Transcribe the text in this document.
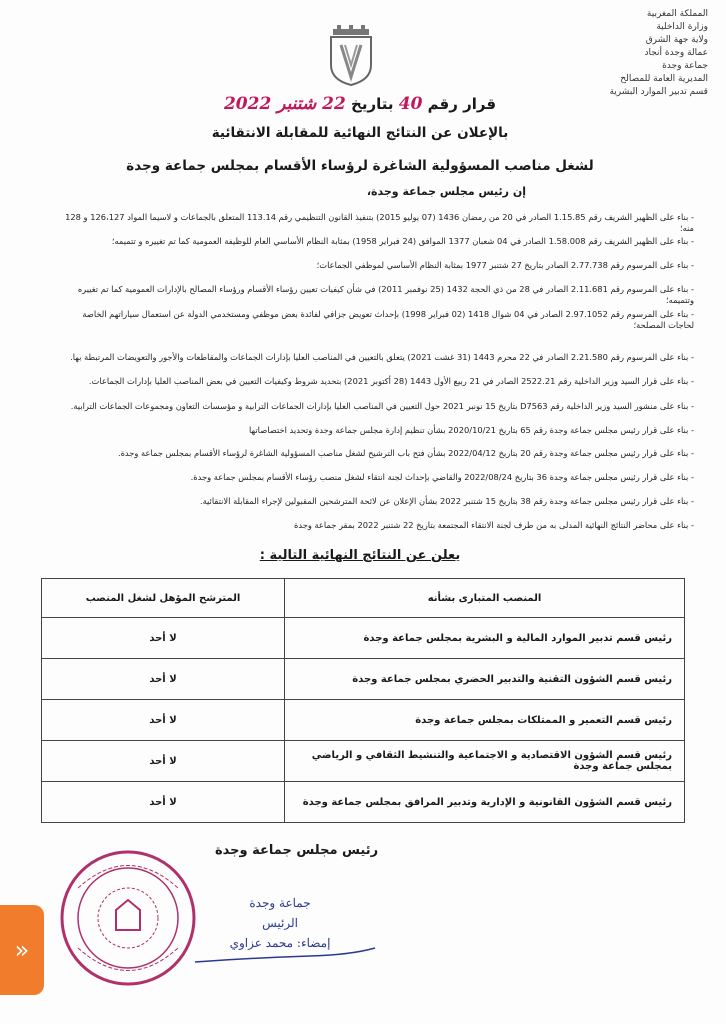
المملكة المغربية
وزارة الداخلية
ولاية جهة الشرق
عمالة وجدة أنجاد
جماعة وجدة
المديرية العامة للمصالح
قسم تدبير الموارد البشرية
قرار رقم 40 بتاريخ 22 شتنبر 2022
بالإعلان عن النتائج النهائية للمقابلة الانتقائية
لشغل مناصب المسؤولية الشاغرة لرؤساء الأقسام بمجلس جماعة وجدة
إن رئيس مجلس جماعة وجدة،
- بناء على الظهير الشريف رقم 1.15.85 الصادر في 20 من رمضان 1436 (07 يوليو 2015) بتنفيذ القانون التنظيمي رقم 113.14 المتعلق بالجماعات و لاسيما المواد 126،127 و 128 منه؛
- بناء على الظهير الشريف رقم 1.58.008 الصادر في 04 شعبان 1377 الموافق (24 فبراير 1958) بمثابة النظام الأساسي العام للوظيفة العمومية كما تم تغييره و تتميمه؛
- بناء على المرسوم رقم 2.77.738 الصادر بتاريخ 27 شتنبر 1977 بمثابة النظام الأساسي لموظفي الجماعات؛
- بناء على المرسوم رقم 2.11.681 الصادر في 28 من ذي الحجة 1432 (25 نوفمبر 2011) في شأن كيفيات تعيين رؤساء الأقسام ورؤساء المصالح بالإدارات العمومية كما تم تغييره وتتميمه؛
- بناء على المرسوم رقم 2.97.1052 الصادر في 04 شوال 1418 (02 فبراير 1998) بإحداث تعويض جزافي لفائدة بعض موظفي ومستخدمي الدولة عن استعمال سياراتهم الخاصة لحاجات المصلحة؛
- بناء على المرسوم رقم 2.21.580 الصادر في 22 محرم 1443 (31 غشت 2021) يتعلق بالتعيين في المناصب العليا بإدارات الجماعات والمقاطعات والأجور والتعويضات المرتبطة بها.
- بناء على قرار السيد وزير الداخلية رقم 2522.21 الصادر في 21 ربيع الأول 1443 (28 أكتوبر 2021) بتحديد شروط وكيفيات التعيين في بعض المناصب العليا بإدارات الجماعات.
- بناء على منشور السيد وزير الداخلية رقم D7563 بتاريخ 15 نونبر 2021 حول التعيين في المناصب العليا بإدارات الجماعات الترابية و مؤسسات التعاون ومجموعات الجماعات الترابية.
- بناء على قرار رئيس مجلس جماعة وجدة رقم 65 بتاريخ 2020/10/21 بشأن تنظيم إدارة مجلس جماعة وجدة وتحديد اختصاصاتها
- بناء على قرار رئيس مجلس جماعة وجدة رقم 20 بتاريخ 2022/04/12 بشأن فتح باب الترشيح لشغل مناصب المسؤولية الشاغرة لرؤساء الأقسام بمجلس جماعة وجدة.
- بناء على قرار رئيس مجلس جماعة وجدة 36 بتاريخ 2022/08/24 والقاضي بإحداث لجنة انتقاء لشغل منصب رؤساء الأقسام بمجلس جماعة وجدة.
- بناء على قرار رئيس مجلس جماعة وجدة رقم 38 بتاريخ 15 شتنبر 2022 بشأن الإعلان عن لائحة المترشحين المقبولين لإجراء المقابلة الانتقائية.
- بناء على محاضر النتائج النهائية المدلى به من طرف لجنة الانتقاء المجتمعة بتاريخ 22 شتنبر 2022 بمقر جماعة وجدة
يعلن عن النتائج النهائية التالية :
المنصب المتبارى بشأنه	المترشح المؤهل لشغل المنصب
رئيس قسم تدبير الموارد المالية و البشرية بمجلس جماعة وجدة	لا أحد
رئيس قسم الشؤون التقنية والتدبير الحضري بمجلس جماعة وجدة	لا أحد
رئيس قسم التعمير و الممتلكات بمجلس جماعة وجدة	لا أحد
رئيس قسم الشؤون الاقتصادية و الاجتماعية والتنشيط الثقافي و الرياضي بمجلس جماعة وجدة	لا أحد
رئيس قسم الشؤون القانونية و الإدارية وتدبير المرافق بمجلس جماعة وجدة	لا أحد
رئيس مجلس جماعة وجدة
جماعة وجدة
الرئيس
إمضاء: محمد عزاوي
»
